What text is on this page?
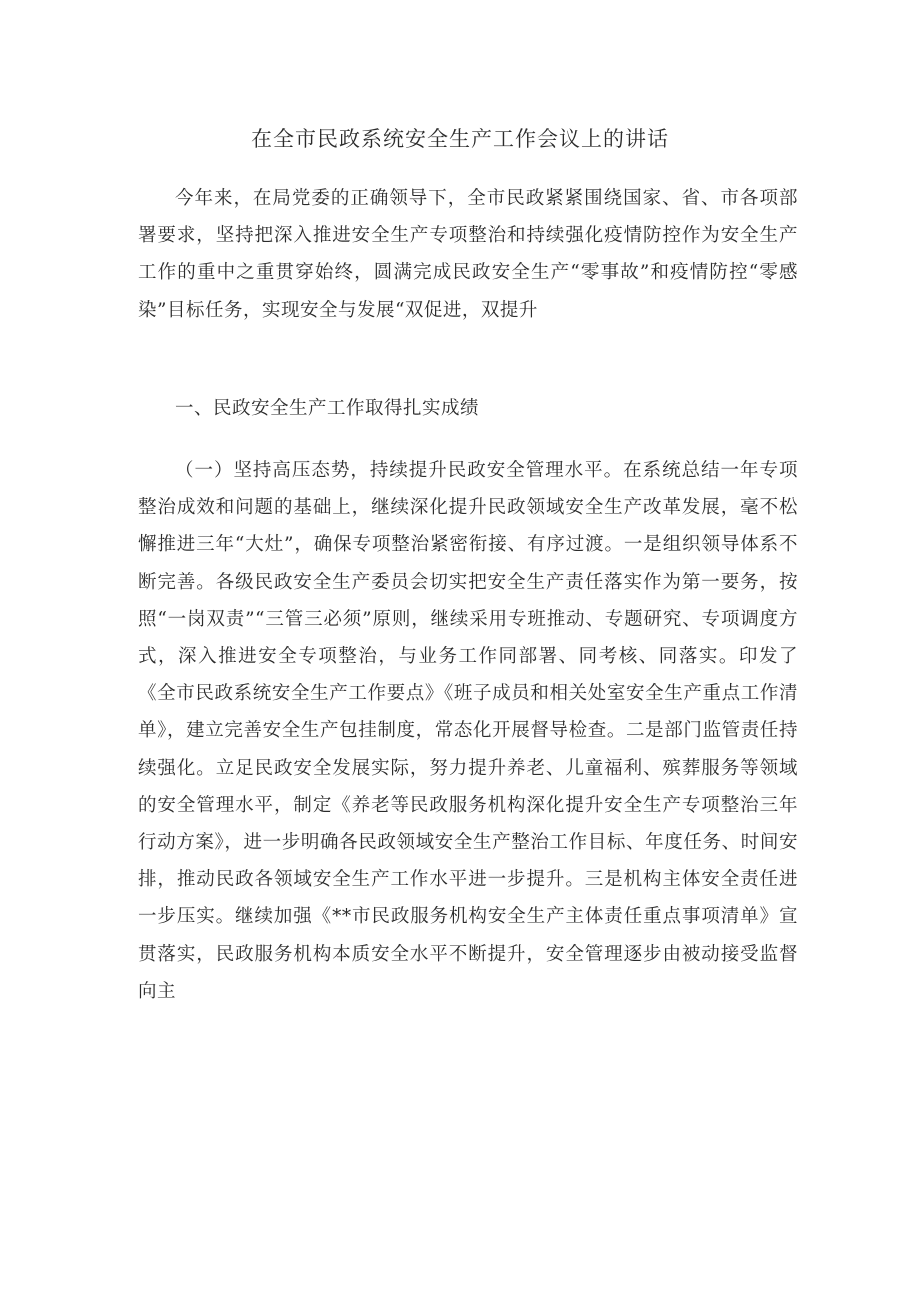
在全市民政系统安全生产工作会议上的讲话

今年来，在局党委的正确领导下，全市民政紧紧围绕国家、省、市各项部署要求，坚持把深入推进安全生产专项整治和持续强化疫情防控作为安全生产工作的重中之重贯穿始终，圆满完成民政安全生产“零事故”和疫情防控“零感染”目标任务，实现安全与发展“双促进，双提升

一、民政安全生产工作取得扎实成绩

（一）坚持高压态势，持续提升民政安全管理水平。在系统总结一年专项整治成效和问题的基础上，继续深化提升民政领域安全生产改革发展，毫不松懈推进三年“大灶”，确保专项整治紧密衔接、有序过渡。一是组织领导体系不断完善。各级民政安全生产委员会切实把安全生产责任落实作为第一要务，按照“一岗双责”“三管三必须”原则，继续采用专班推动、专题研究、专项调度方式，深入推进安全专项整治，与业务工作同部署、同考核、同落实。印发了《全市民政系统安全生产工作要点》《班子成员和相关处室安全生产重点工作清单》，建立完善安全生产包挂制度，常态化开展督导检查。二是部门监管责任持续强化。立足民政安全发展实际，努力提升养老、儿童福利、殡葬服务等领域的安全管理水平，制定《养老等民政服务机构深化提升安全生产专项整治三年行动方案》，进一步明确各民政领域安全生产整治工作目标、年度任务、时间安排，推动民政各领域安全生产工作水平进一步提升。三是机构主体安全责任进一步压实。继续加强《**市民政服务机构安全生产主体责任重点事项清单》宣贯落实，民政服务机构本质安全水平不断提升，安全管理逐步由被动接受监督向主
